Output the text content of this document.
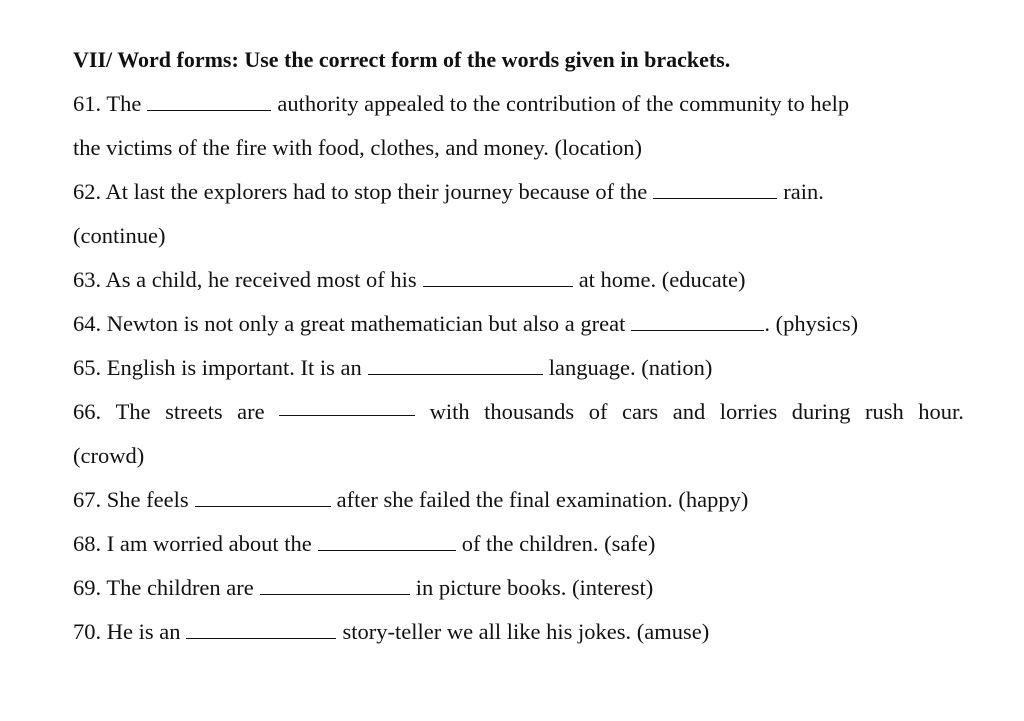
VII/ Word forms: Use the correct form of the words given in brackets.
61. The	authority appealed to the contribution of the community to help
the victims of the fire with food, clothes, and money. (location)
62. At last the explorers had to stop their journey because of the	rain.
(continue)
63. As a child, he received most of his	at home. (educate)
64. Newton is not only a great mathematician but also a great	. (physics)
65. English is important. It is an	language. (nation)
66. The streets are	with thousands of cars and lorries during rush hour.
(crowd)
67. She feels	after she failed the final examination. (happy)
68. I am worried about the	of the children. (safe)
69. The children are	in picture books. (interest)
70. He is an	story-teller we all like his jokes. (amuse)
